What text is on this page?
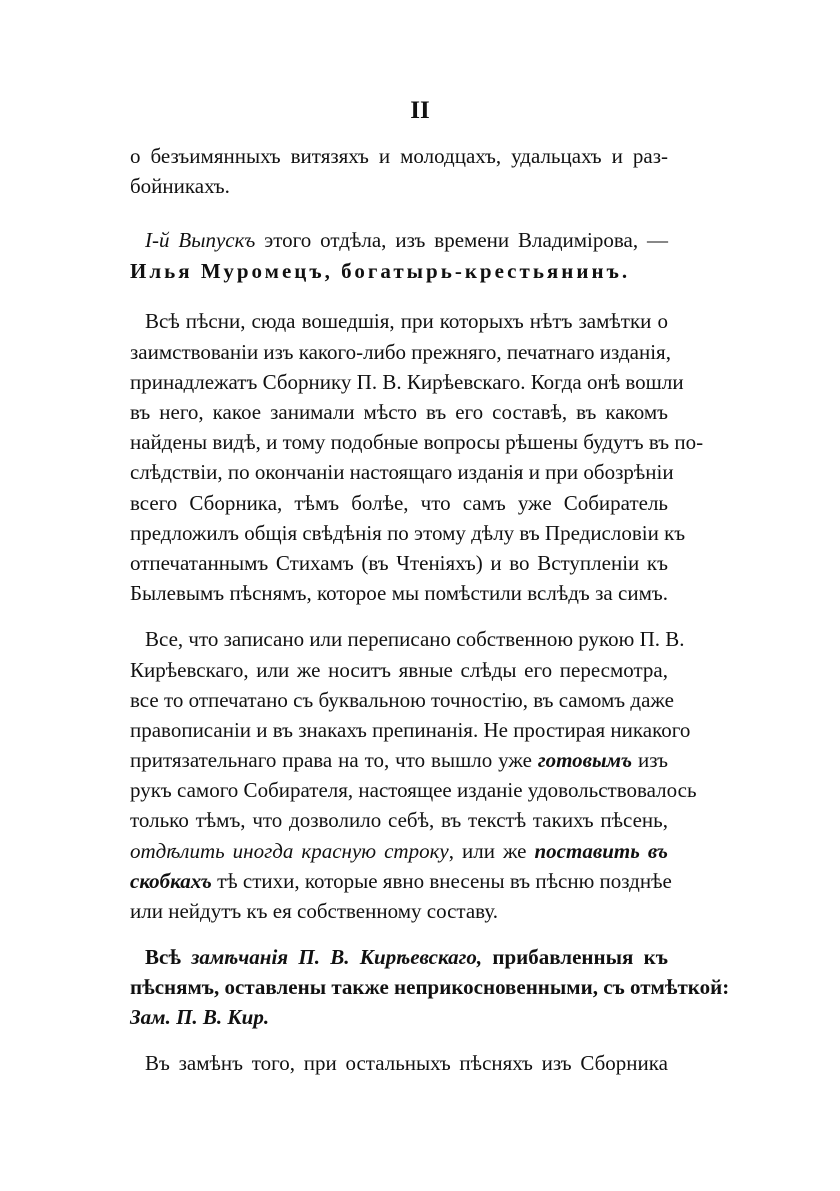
II
о безъимянныхъ витязяхъ и молодцахъ, удальцахъ и раз-
бойникахъ.
I-й Выпускъ этого отдѣла, изъ времени Владимірова, —
Илья Муромецъ, богатырь-крестьянинъ.
Всѣ пѣсни, сюда вошедшія, при которыхъ нѣтъ замѣтки о
заимствованіи изъ какого-либо прежняго, печатнаго изданія,
принадлежатъ Сборнику П. В. Кирѣевскаго. Когда онѣ вошли
въ него, какое занимали мѣсто въ его составѣ, въ какомъ
найдены видѣ, и тому подобные вопросы рѣшены будутъ въ по-
слѣдствіи, по окончаніи настоящаго изданія и при обозрѣніи
всего Сборника, тѣмъ болѣе, что самъ уже Собиратель
предложилъ общія свѣдѣнія по этому дѣлу въ Предисловіи къ
отпечатаннымъ Стихамъ (въ Чтеніяхъ) и во Вступленіи къ
Былевымъ пѣснямъ, которое мы помѣстили вслѣдъ за симъ.
Все, что записано или переписано собственною рукою П. В.
Кирѣевскаго, или же носитъ явные слѣды его пересмотра,
все то отпечатано съ буквальною точностію, въ самомъ даже
правописаніи и въ знакахъ препинанія. Не простирая никакого
притязательнаго права на то, что вышло уже готовымъ изъ
рукъ самого Собирателя, настоящее изданіе удовольствовалось
только тѣмъ, что дозволило себѣ, въ текстѣ такихъ пѣсень,
отдѣлить иногда красную строку, или же поставить въ
скобкахъ тѣ стихи, которые явно внесены въ пѣсню позднѣе
или нейдутъ къ ея собственному составу.
Всѣ замѣчанія П. В. Кирѣевскаго, прибавленныя къ
пѣснямъ, оставлены также неприкосновенными, съ отмѣткой:
Зам. П. В. Кир.
Въ замѣнъ того, при остальныхъ пѣсняхъ изъ Сборника
